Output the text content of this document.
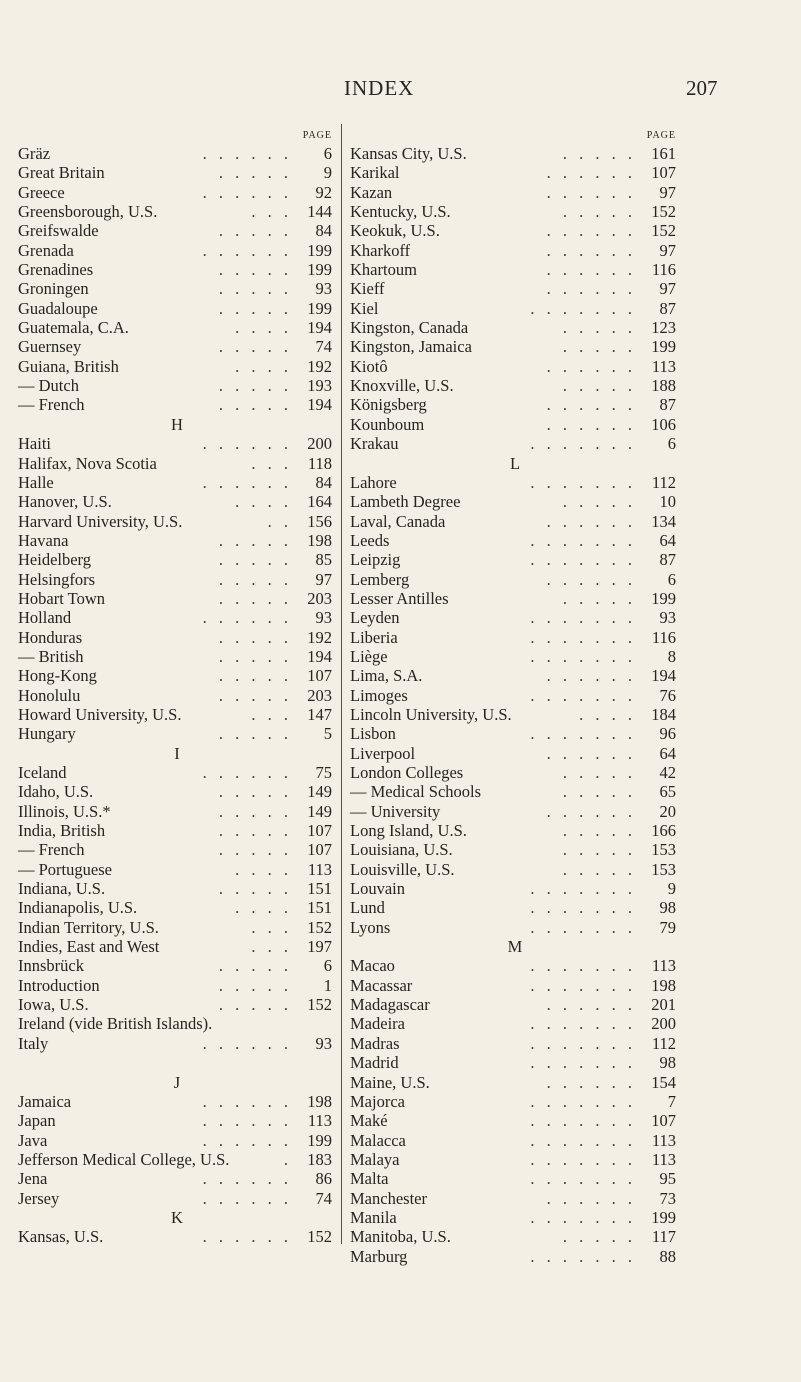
INDEX	207
PAGE
Gräz	. . . . . . 6
Great Britain	. . . . . 9
Greece	. . . . . . 92
Greensborough, U.S.	. . . 144
Greifswalde	. . . . . 84
Grenada	. . . . . . 199
Grenadines	. . . . . 199
Groningen	. . . . . 93
Guadaloupe	. . . . . 199
Guatemala, C.A.	. . . . 194
Guernsey	. . . . . 74
Guiana, British	. . . . 192
— Dutch	. . . . . 193
— French	. . . . . 194
H
Haiti	. . . . . . 200
Halifax, Nova Scotia	. . . 118
Halle	. . . . . . 84
Hanover, U.S.	. . . . 164
Harvard University, U.S.	. . 156
Havana	. . . . . 198
Heidelberg	. . . . . 85
Helsingfors	. . . . . 97
Hobart Town	. . . . . 203
Holland	. . . . . . 93
Honduras	. . . . . 192
— British	. . . . . 194
Hong-Kong	. . . . . 107
Honolulu	. . . . . 203
Howard University, U.S.	. . . 147
Hungary	. . . . . 5
I
Iceland	. . . . . . 75
Idaho, U.S.	. . . . . 149
Illinois, U.S.*	. . . . . 149
India, British	. . . . . 107
— French	. . . . . 107
— Portuguese	. . . . 113
Indiana, U.S.	. . . . . 151
Indianapolis, U.S.	. . . . 151
Indian Territory, U.S.	. . . 152
Indies, East and West	. . . 197
Innsbrück	. . . . . 6
Introduction	. . . . . 1
Iowa, U.S.	. . . . . 152
Ireland (vide British Islands).
Italy	. . . . . . 93
J
Jamaica	. . . . . . 198
Japan	. . . . . . 113
Java	. . . . . . 199
Jefferson Medical College, U.S.	. 183
Jena	. . . . . . 86
Jersey	. . . . . . 74
K
Kansas, U.S.	. . . . . . 152
PAGE
Kansas City, U.S.	. . . . . 161
Karikal	. . . . . . 107
Kazan	. . . . . . 97
Kentucky, U.S.	. . . . . 152
Keokuk, U.S.	. . . . . . 152
Kharkoff	. . . . . . 97
Khartoum	. . . . . . 116
Kieff	. . . . . . 97
Kiel	. . . . . . . 87
Kingston, Canada	. . . . . 123
Kingston, Jamaica	. . . . . 199
Kiotô	. . . . . . 113
Knoxville, U.S.	. . . . . 188
Königsberg	. . . . . . 87
Kounboum	. . . . . . 106
Krakau	. . . . . . . 6
L
Lahore	. . . . . . . 112
Lambeth Degree	. . . . . 10
Laval, Canada	. . . . . . 134
Leeds	. . . . . . . 64
Leipzig	. . . . . . . 87
Lemberg	. . . . . . 6
Lesser Antilles	. . . . . 199
Leyden	. . . . . . . 93
Liberia	. . . . . . . 116
Liège	. . . . . . . 8
Lima, S.A.	. . . . . . 194
Limoges	. . . . . . . 76
Lincoln University, U.S.	. . . . 184
Lisbon	. . . . . . . 96
Liverpool	. . . . . . 64
London Colleges	. . . . . 42
— Medical Schools	. . . . . 65
— University	. . . . . . 20
Long Island, U.S.	. . . . . 166
Louisiana, U.S.	. . . . . 153
Louisville, U.S.	. . . . . 153
Louvain	. . . . . . . 9
Lund	. . . . . . . 98
Lyons	. . . . . . . 79
M
Macao	. . . . . . . 113
Macassar	. . . . . . . 198
Madagascar	. . . . . . 201
Madeira	. . . . . . . 200
Madras	. . . . . . . 112
Madrid	. . . . . . . 98
Maine, U.S.	. . . . . . 154
Majorca	. . . . . . . 7
Maké	. . . . . . . 107
Malacca	. . . . . . . 113
Malaya	. . . . . . . 113
Malta	. . . . . . . 95
Manchester	. . . . . . 73
Manila	. . . . . . . 199
Manitoba, U.S.	. . . . . 117
Marburg	. . . . . . . 88
